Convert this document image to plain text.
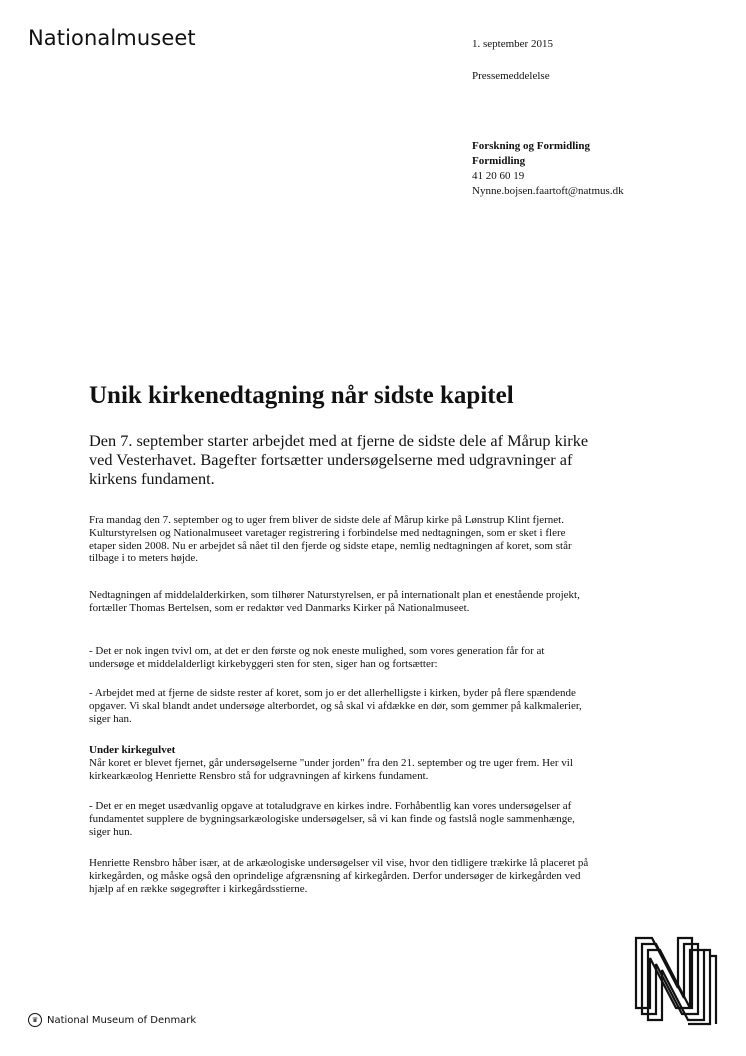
Nationalmuseet	1. september 2015
Pressemeddelelse
Forskning og Formidling
Formidling
41 20 60 19
Nynne.bojsen.faartoft@natmus.dk
Unik kirkenedtagning når sidste kapitel
Den 7. september starter arbejdet med at fjerne de sidste dele af Mårup kirke ved Vesterhavet. Bagefter fortsætter undersøgelserne med udgravninger af kirkens fundament.
Fra mandag den 7. september og to uger frem bliver de sidste dele af Mårup kirke på Lønstrup Klint fjernet. Kulturstyrelsen og Nationalmuseet varetager registrering i forbindelse med nedtagningen, som er sket i flere etaper siden 2008. Nu er arbejdet så nået til den fjerde og sidste etape, nemlig nedtagningen af koret, som står tilbage i to meters højde.
Nedtagningen af middelalderkirken, som tilhører Naturstyrelsen, er på internationalt plan et enestående projekt, fortæller Thomas Bertelsen, som er redaktør ved Danmarks Kirker på Nationalmuseet.
- Det er nok ingen tvivl om, at det er den første og nok eneste mulighed, som vores generation får for at undersøge et middelalderligt kirkebyggeri sten for sten, siger han og fortsætter:
- Arbejdet med at fjerne de sidste rester af koret, som jo er det allerhelligste i kirken, byder på flere spændende opgaver. Vi skal blandt andet undersøge alterbordet, og så skal vi afdække en dør, som gemmer på kalkmalerier, siger han.
Under kirkegulvet
Når koret er blevet fjernet, går undersøgelserne "under jorden" fra den 21. september og tre uger frem. Her vil kirkearkæolog Henriette Rensbro stå for udgravningen af kirkens fundament.
- Det er en meget usædvanlig opgave at totaludgrave en kirkes indre. Forhåbentlig kan vores undersøgelser af fundamentet supplere de bygningsarkæologiske undersøgelser, så vi kan finde og fastslå nogle sammenhænge, siger hun.
Henriette Rensbro håber især, at de arkæologiske undersøgelser vil vise, hvor den tidligere trækirke lå placeret på kirkegården, og måske også den oprindelige afgrænsning af kirkegården. Derfor undersøger de kirkegården ved hjælp af en række søgegrøfter i kirkegårdsstierne.
♛ National Museum of Denmark
